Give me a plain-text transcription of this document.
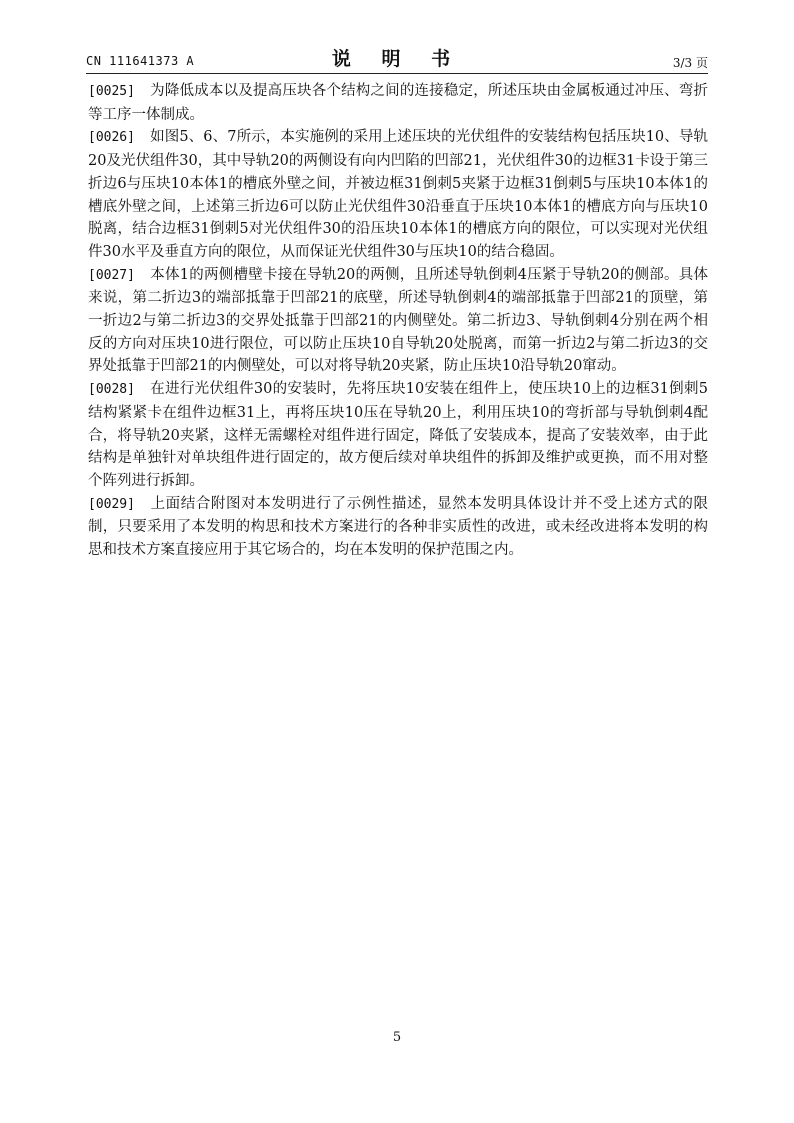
CN 111641373 A	说 明 书	3/3 页

[0025] 为降低成本以及提高压块各个结构之间的连接稳定，所述压块由金属板通过冲压、弯折等工序一体制成。

[0026] 如图5、6、7所示，本实施例的采用上述压块的光伏组件的安装结构包括压块10、导轨20及光伏组件30，其中导轨20的两侧设有向内凹陷的凹部21，光伏组件30的边框31卡设于第三折边6与压块10本体1的槽底外壁之间，并被边框31倒刺5夹紧于边框31倒刺5与压块10本体1的槽底外壁之间，上述第三折边6可以防止光伏组件30沿垂直于压块10本体1的槽底方向与压块10脱离，结合边框31倒刺5对光伏组件30的沿压块10本体1的槽底方向的限位，可以实现对光伏组件30水平及垂直方向的限位，从而保证光伏组件30与压块10的结合稳固。

[0027] 本体1的两侧槽壁卡接在导轨20的两侧，且所述导轨倒刺4压紧于导轨20的侧部。具体来说，第二折边3的端部抵靠于凹部21的底壁，所述导轨倒刺4的端部抵靠于凹部21的顶壁，第一折边2与第二折边3的交界处抵靠于凹部21的内侧壁处。第二折边3、导轨倒刺4分别在两个相反的方向对压块10进行限位，可以防止压块10自导轨20处脱离，而第一折边2与第二折边3的交界处抵靠于凹部21的内侧壁处，可以对将导轨20夹紧，防止压块10沿导轨20窜动。

[0028] 在进行光伏组件30的安装时，先将压块10安装在组件上，使压块10上的边框31倒刺5结构紧紧卡在组件边框31上，再将压块10压在导轨20上，利用压块10的弯折部与导轨倒刺4配合，将导轨20夹紧，这样无需螺栓对组件进行固定，降低了安装成本，提高了安装效率，由于此结构是单独针对单块组件进行固定的，故方便后续对单块组件的拆卸及维护或更换，而不用对整个阵列进行拆卸。

[0029] 上面结合附图对本发明进行了示例性描述，显然本发明具体设计并不受上述方式的限制，只要采用了本发明的构思和技术方案进行的各种非实质性的改进，或未经改进将本发明的构思和技术方案直接应用于其它场合的，均在本发明的保护范围之内。

5
